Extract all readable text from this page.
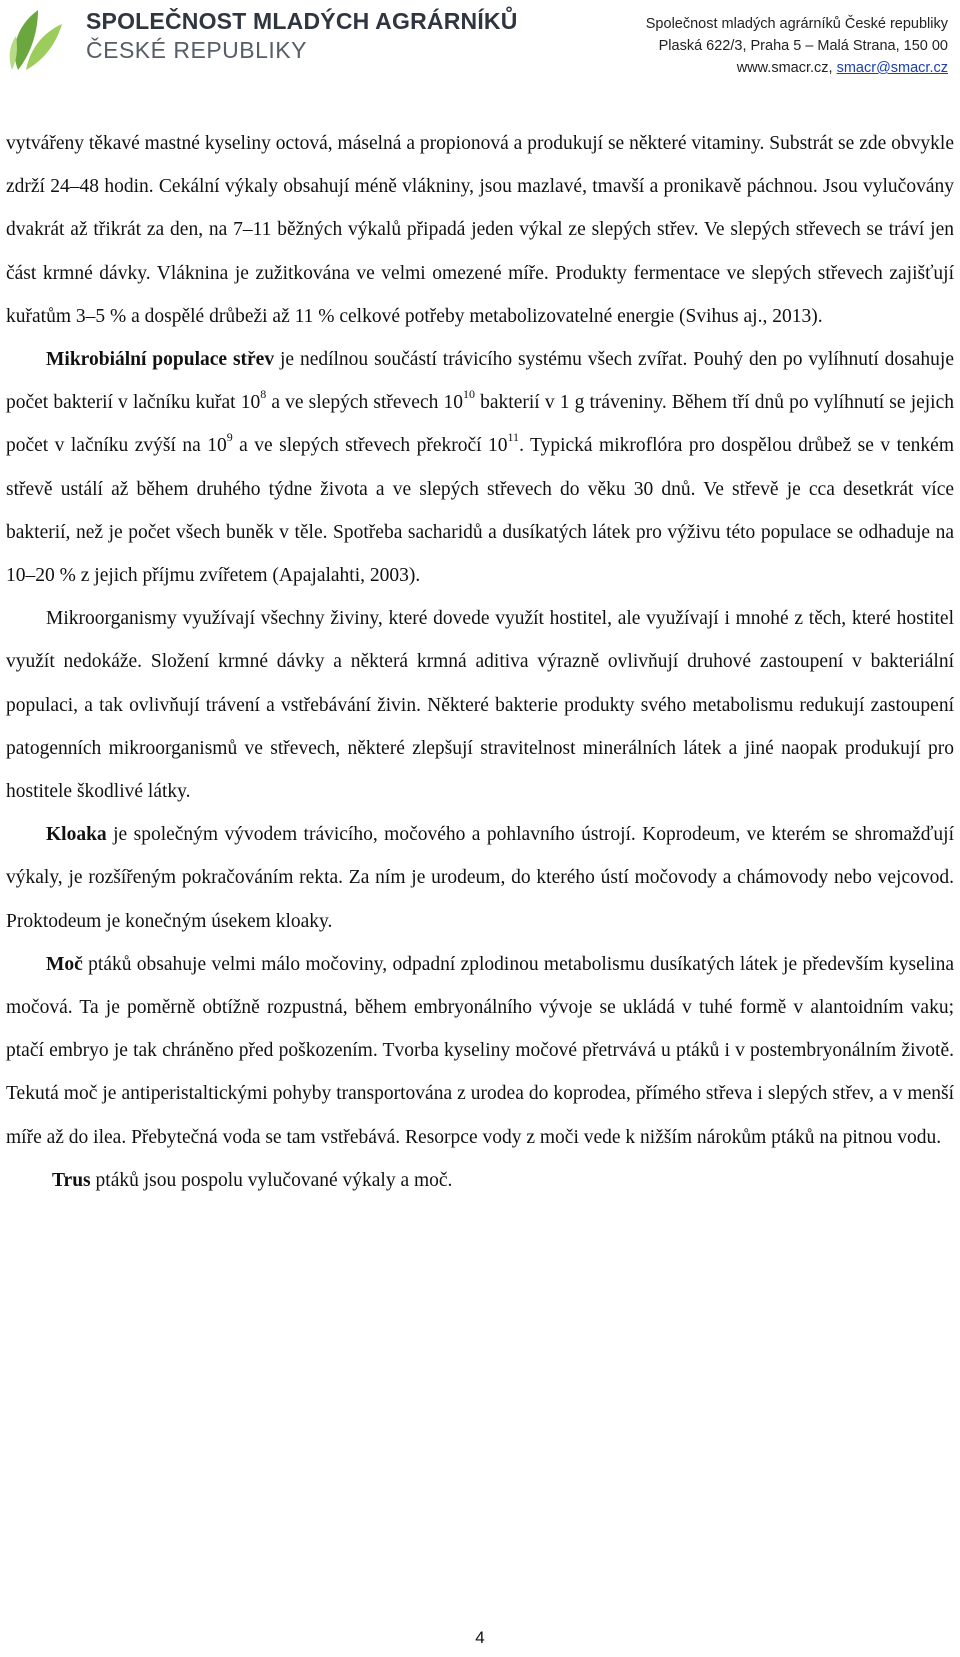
SPOLEČNOST MLADÝCH AGRÁRNÍKŮ
ČESKÉ REPUBLIKY
Společnost mladých agrárníků České republiky
Plaská 622/3, Praha 5 – Malá Strana, 150 00
www.smacr.cz, smacr@smacr.cz

vytvářeny těkavé mastné kyseliny octová, máselná a propionová a produkují se některé vitaminy. Substrát se zde obvykle zdrží 24–48 hodin. Cekální výkaly obsahují méně vlákniny, jsou mazlavé, tmavší a pronikavě páchnou. Jsou vylučovány dvakrát až třikrát za den, na 7–11 běžných výkalů připadá jeden výkal ze slepých střev. Ve slepých střevech se tráví jen část krmné dávky. Vláknina je zužitkována ve velmi omezené míře. Produkty fermentace ve slepých střevech zajišťují kuřatům 3–5 % a dospělé drůbeži až 11 % celkové potřeby metabolizovatelné energie (Svihus aj., 2013).

Mikrobiální populace střev je nedílnou součástí trávicího systému všech zvířat. Pouhý den po vylíhnutí dosahuje počet bakterií v lačníku kuřat $10^8$ a ve slepých střevech $10^{10}$ bakterií v 1 g tráveniny. Během tří dnů po vylíhnutí se jejich počet v lačníku zvýší na $10^9$ a ve slepých střevech překročí $10^{11}$. Typická mikroflóra pro dospělou drůbež se v tenkém střevě ustálí až během druhého týdne života a ve slepých střevech do věku 30 dnů. Ve střevě je cca desetkrát více bakterií, než je počet všech buněk v těle. Spotřeba sacharidů a dusíkatých látek pro výživu této populace se odhaduje na 10–20 % z jejich příjmu zvířetem (Apajalahti, 2003).

Mikroorganismy využívají všechny živiny, které dovede využít hostitel, ale využívají i mnohé z těch, které hostitel využít nedokáže. Složení krmné dávky a některá krmná aditiva výrazně ovlivňují druhové zastoupení v bakteriální populaci, a tak ovlivňují trávení a vstřebávání živin. Některé bakterie produkty svého metabolismu redukují zastoupení patogenních mikroorganismů ve střevech, některé zlepšují stravitelnost minerálních látek a jiné naopak produkují pro hostitele škodlivé látky.

Kloaka je společným vývodem trávicího, močového a pohlavního ústrojí. Koprodeum, ve kterém se shromažďují výkaly, je rozšířeným pokračováním rekta. Za ním je urodeum, do kterého ústí močovody a chámovody nebo vejcovod. Proktodeum je konečným úsekem kloaky.

Moč ptáků obsahuje velmi málo močoviny, odpadní zplodinou metabolismu dusíkatých látek je především kyselina močová. Ta je poměrně obtížně rozpustná, během embryonálního vývoje se ukládá v tuhé formě v alantoidním vaku; ptačí embryo je tak chráněno před poškozením. Tvorba kyseliny močové přetrvává u ptáků i v postembryonálním životě. Tekutá moč je antiperistaltickými pohyby transportována z urodea do koprodea, přímého střeva i slepých střev, a v menší míře až do ilea. Přebytečná voda se tam vstřebává. Resorpce vody z moči vede k nižším nárokům ptáků na pitnou vodu.

Trus ptáků jsou pospolu vylučované výkaly a moč.

4
